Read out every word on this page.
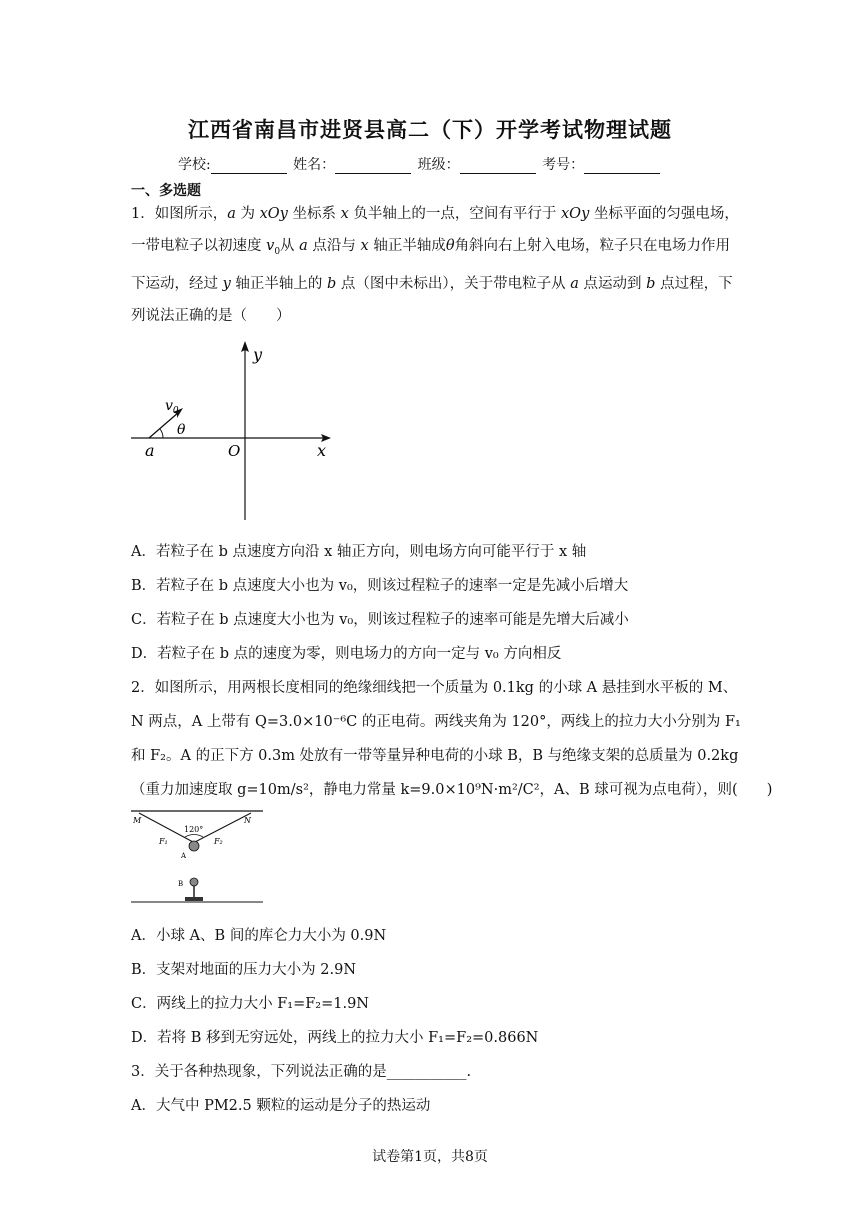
江西省南昌市进贤县高二（下）开学考试物理试题
学校:	姓名：	班级：	考号：
一、多选题
1．如图所示，a 为 xOy 坐标系 x 负半轴上的一点，空间有平行于 xOy 坐标平面的匀强电场，一带电粒子以初速度 $v_0$从 a 点沿与 x 轴正半轴成θ角斜向右上射入电场，粒子只在电场力作用下运动，经过 y 轴正半轴上的 b 点（图中未标出），关于带电粒子从 a 点运动到 b 点过程，下列说法正确的是（　　）
y
$v_0$
θ
a	O	x
A．若粒子在 b 点速度方向沿 x 轴正方向，则电场方向可能平行于 x 轴
B．若粒子在 b 点速度大小也为 v₀，则该过程粒子的速率一定是先减小后增大
C．若粒子在 b 点速度大小也为 v₀，则该过程粒子的速率可能是先增大后减小
D．若粒子在 b 点的速度为零，则电场力的方向一定与 v₀ 方向相反
2．如图所示，用两根长度相同的绝缘细线把一个质量为 0.1kg 的小球 A 悬挂到水平板的 M、
N 两点，A 上带有 Q=3.0×10⁻⁶C 的正电荷。两线夹角为 120°，两线上的拉力大小分别为 F₁
和 F₂。A 的正下方 0.3m 处放有一带等量异种电荷的小球 B，B 与绝缘支架的总质量为 0.2kg
（重力加速度取 g=10m/s²，静电力常量 k=9.0×10⁹N·m²/C²，A、B 球可视为点电荷），则(　　)
M	N
120°
F₁	F₂
A
B
A．小球 A、B 间的库仑力大小为 0.9N
B．支架对地面的压力大小为 2.9N
C．两线上的拉力大小 F₁=F₂=1.9N
D．若将 B 移到无穷远处，两线上的拉力大小 F₁=F₂=0.866N
3．关于各种热现象，下列说法正确的是___________.
A．大气中 PM2.5 颗粒的运动是分子的热运动
试卷第1页，共8页
